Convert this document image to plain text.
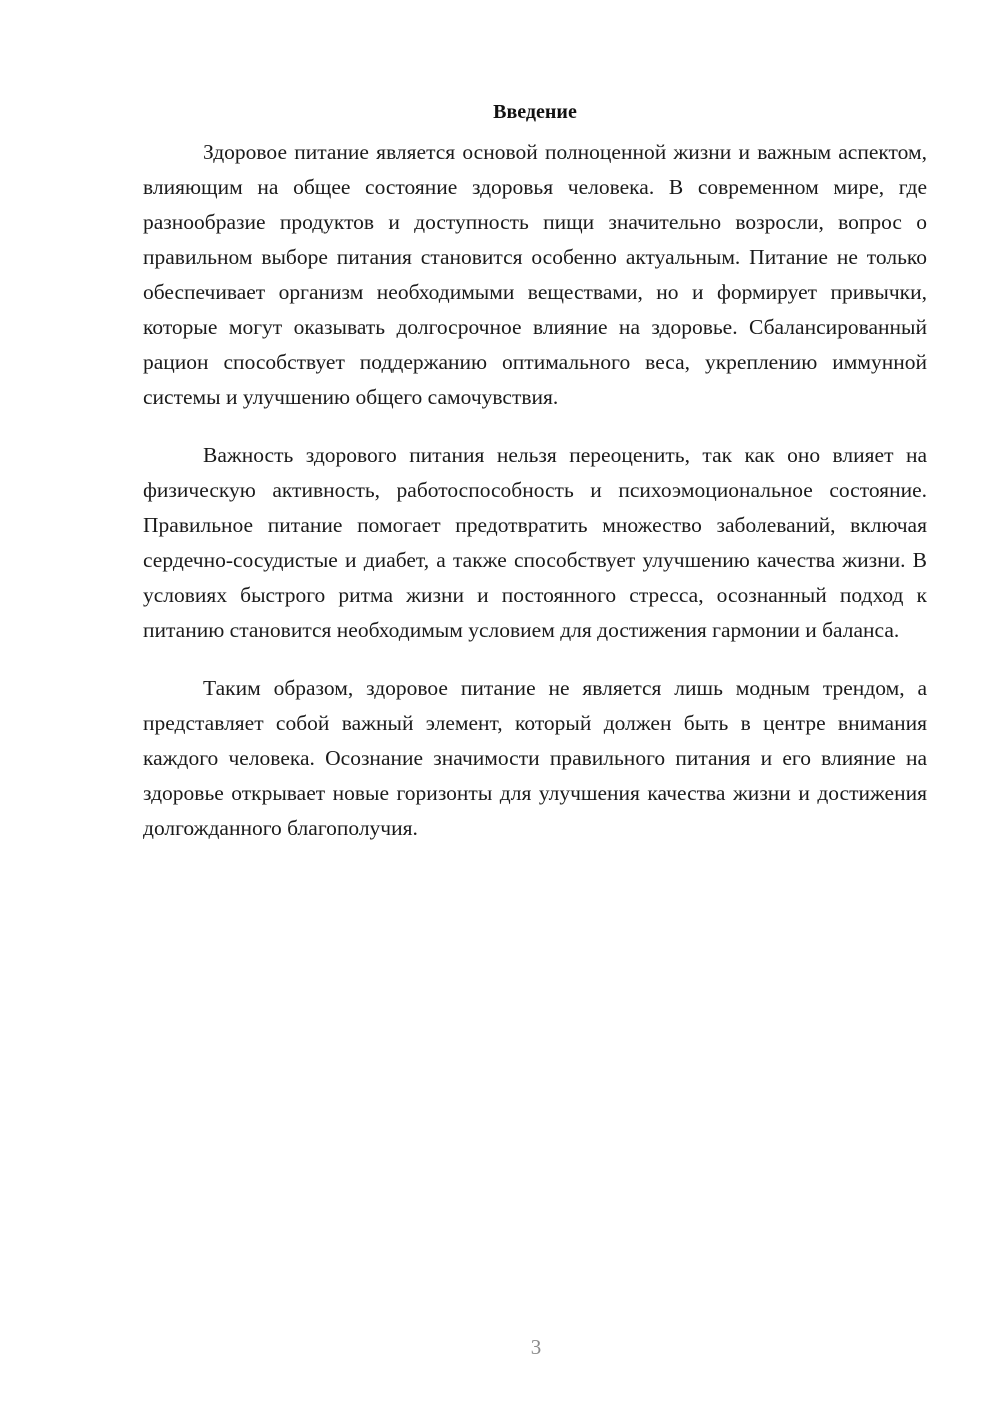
Введение

Здоровое питание является основой полноценной жизни и важным аспектом, влияющим на общее состояние здоровья человека. В современном мире, где разнообразие продуктов и доступность пищи значительно возросли, вопрос о правильном выборе питания становится особенно актуальным. Питание не только обеспечивает организм необходимыми веществами, но и формирует привычки, которые могут оказывать долгосрочное влияние на здоровье. Сбалансированный рацион способствует поддержанию оптимального веса, укреплению иммунной системы и улучшению общего самочувствия.

Важность здорового питания нельзя переоценить, так как оно влияет на физическую активность, работоспособность и психоэмоциональное состояние. Правильное питание помогает предотвратить множество заболеваний, включая сердечно-сосудистые и диабет, а также способствует улучшению качества жизни. В условиях быстрого ритма жизни и постоянного стресса, осознанный подход к питанию становится необходимым условием для достижения гармонии и баланса.

Таким образом, здоровое питание не является лишь модным трендом, а представляет собой важный элемент, который должен быть в центре внимания каждого человека. Осознание значимости правильного питания и его влияние на здоровье открывает новые горизонты для улучшения качества жизни и достижения долгожданного благополучия.

3
